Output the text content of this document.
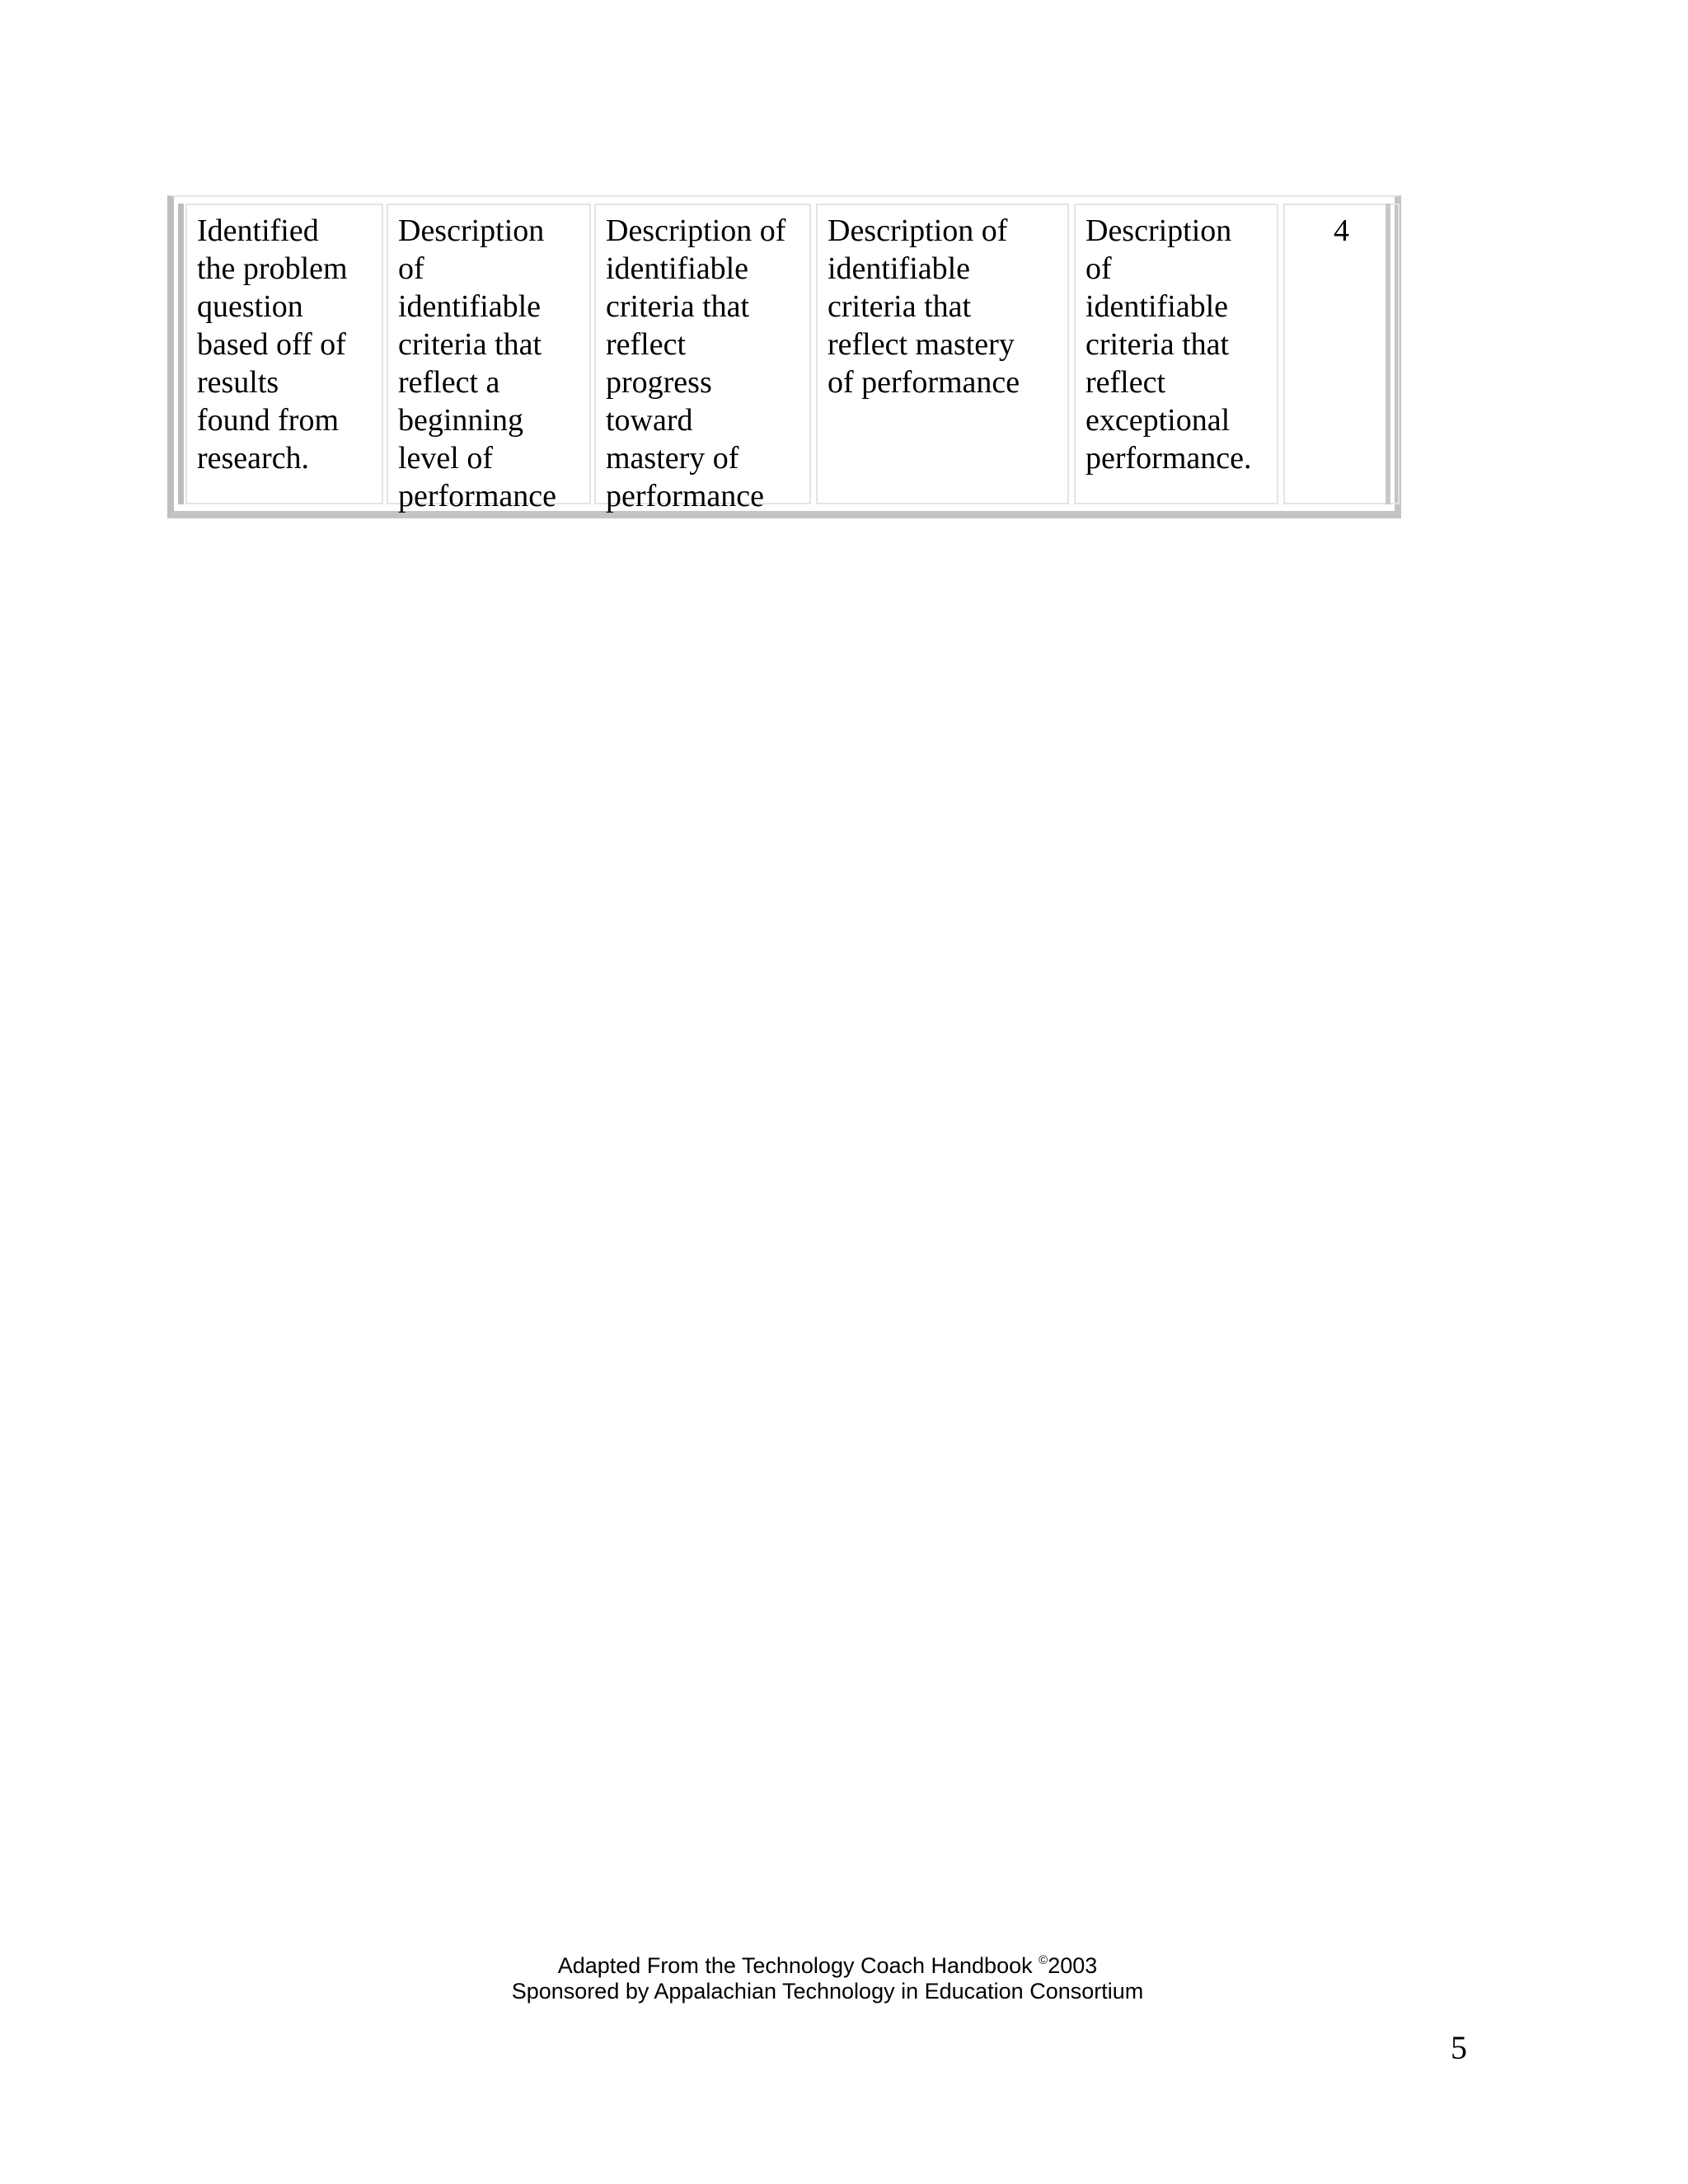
Identified
the problem
question
based off of
results
found from
research.
Description
of
identifiable
criteria that
reflect a
beginning
level of
performance
Description of
identifiable
criteria that
reflect
progress
toward
mastery of
performance
Description of
identifiable
criteria that
reflect mastery
of performance
Description
of
identifiable
criteria that
reflect
exceptional
performance.
4
Adapted From the Technology Coach Handbook ©2003
Sponsored by Appalachian Technology in Education Consortium
5
